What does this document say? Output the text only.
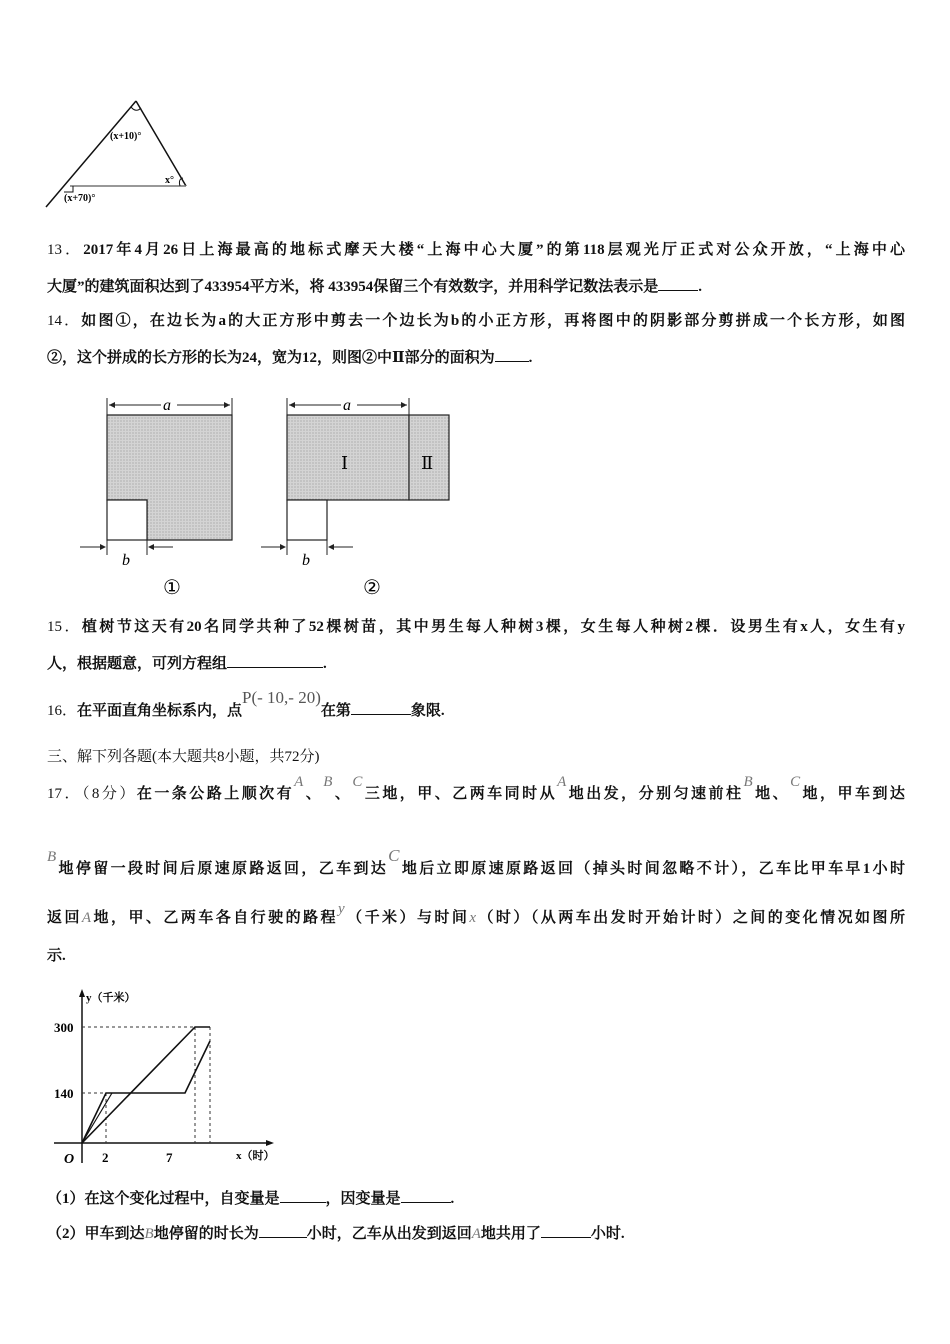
(x+10)°
x°
(x+70)°
13．2017年4月26日上海最高的地标式摩天大楼“上海中心大厦”的第118层观光厅正式对公众开放，“上海中心
大厦”的建筑面积达到了433954平方米，将 433954保留三个有效数字，并用科学记数法表示是	.
14．如图①，在边长为a的大正方形中剪去一个边长为b的小正方形，再将图中的阴影部分剪拼成一个长方形，如图
②，这个拼成的长方形的长为24，宽为12，则图②中Ⅱ部分的面积为 .
a
b
①
a
Ⅰ	Ⅱ
b
②
15．植树节这天有20名同学共种了52棵树苗，其中男生每人种树3棵，女生每人种树2棵．设男生有x人，女生有y
人，根据题意，可列方程组	.
16．在平面直角坐标系内，点P(- 10,- 20)在第	象限.
三、解下列各题(本大题共8小题，共72分)
17．（8分）在一条公路上顺次有A、B、C三地，甲、乙两车同时从A地出发，分别匀速前柱B地、C地，甲车到达
B地停留一段时间后原速原路返回，乙车到达C地后立即原速原路返回（掉头时间忽略不计），乙车比甲车早1小时
返回A地，甲、乙两车各自行驶的路程y（千米）与时间x（时）（从两车出发时开始计时）之间的变化情况如图所
示.
y（千米）
x（时）
O
300
140
2	7
（1）在这个变化过程中，自变量是	，因变量是	.
（2）甲车到达B地停留的时长为	小时，乙车从出发到返回A地共用了	小时.
